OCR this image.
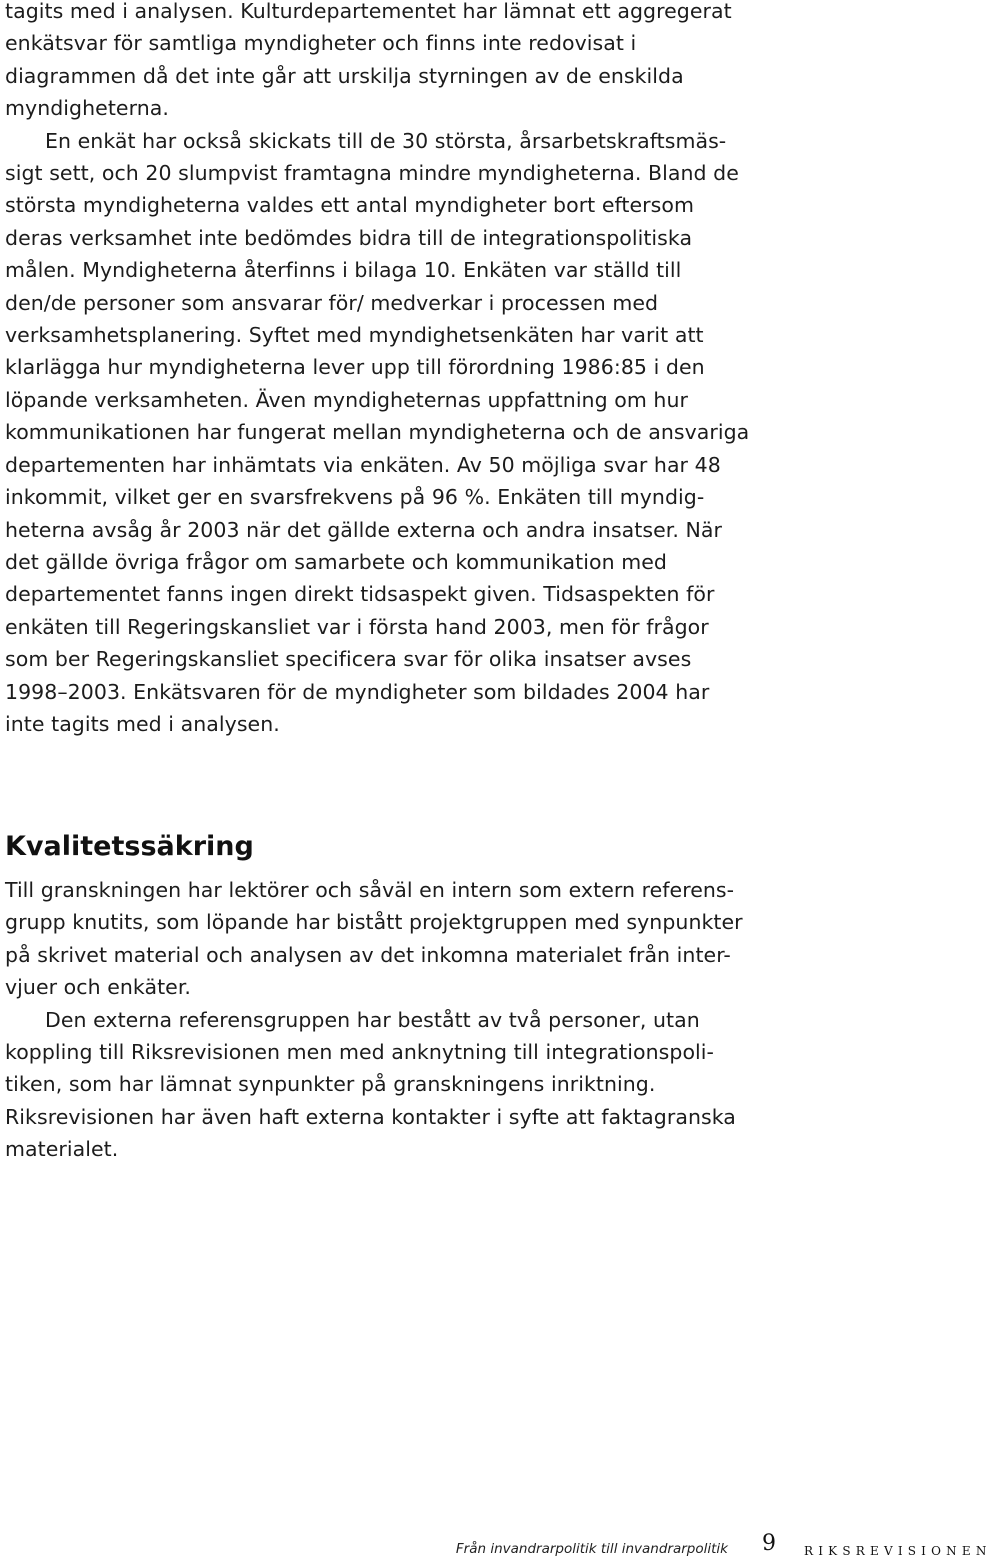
tagits med i analysen. Kulturdepartementet har lämnat ett aggregerat
enkätsvar för samtliga myndigheter och finns inte redovisat i
diagrammen då det inte går att urskilja styrningen av de enskilda
myndigheterna.

En enkät har också skickats till de 30 största, årsarbetskraftsmäs-
sigt sett, och 20 slumpvist framtagna mindre myndigheterna. Bland de
största myndigheterna valdes ett antal myndigheter bort eftersom
deras verksamhet inte bedömdes bidra till de integrationspolitiska
målen. Myndigheterna återfinns i bilaga 10. Enkäten var ställd till
den/de personer som ansvarar för/ medverkar i processen med
verksamhetsplanering. Syftet med myndighetsenkäten har varit att
klarlägga hur myndigheterna lever upp till förordning 1986:85 i den
löpande verksamheten. Även myndigheternas uppfattning om hur
kommunikationen har fungerat mellan myndigheterna och de ansvariga
departementen har inhämtats via enkäten. Av 50 möjliga svar har 48
inkommit, vilket ger en svarsfrekvens på 96 %. Enkäten till myndig-
heterna avsåg år 2003 när det gällde externa och andra insatser. När
det gällde övriga frågor om samarbete och kommunikation med
departementet fanns ingen direkt tidsaspekt given. Tidsaspekten för
enkäten till Regeringskansliet var i första hand 2003, men för frågor
som ber Regeringskansliet specificera svar för olika insatser avses
1998–2003. Enkätsvaren för de myndigheter som bildades 2004 har
inte tagits med i analysen.

Kvalitetssäkring

Till granskningen har lektörer och såväl en intern som extern referens-
grupp knutits, som löpande har bistått projektgruppen med synpunkter
på skrivet material och analysen av det inkomna materialet från inter-
vjuer och enkäter.

Den externa referensgruppen har bestått av två personer, utan
koppling till Riksrevisionen men med anknytning till integrationspoli-
tiken, som har lämnat synpunkter på granskningens inriktning.
Riksrevisionen har även haft externa kontakter i syfte att faktagranska
materialet.

Från invandrarpolitik till invandrarpolitik 9 RIKSREVISIONEN
